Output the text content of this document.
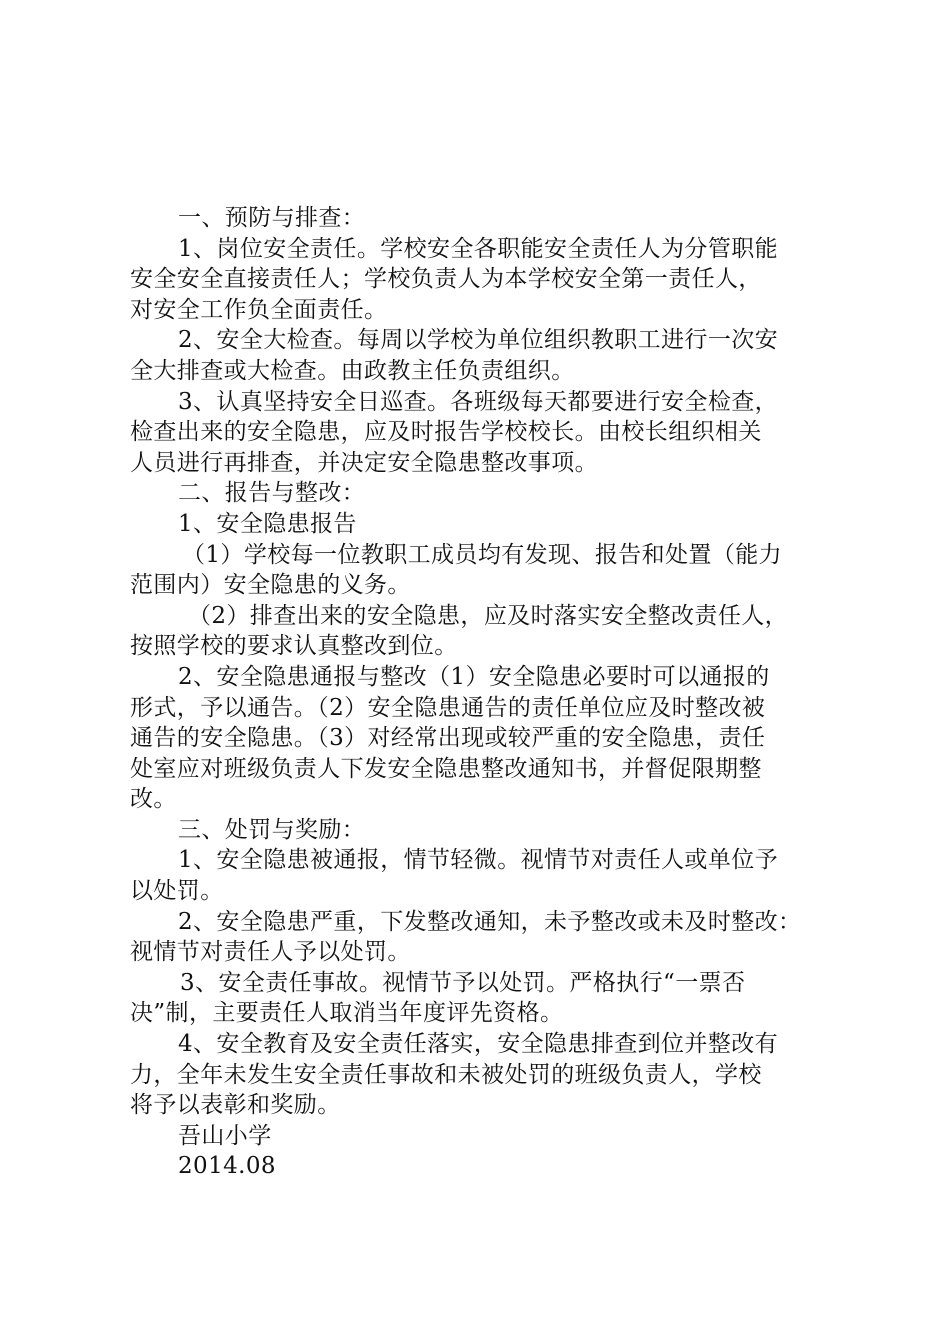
一、预防与排查：
1、岗位安全责任。学校安全各职能安全责任人为分管职能
安全安全直接责任人；学校负责人为本学校安全第一责任人，
对安全工作负全面责任。
2、安全大检查。每周以学校为单位组织教职工进行一次安
全大排查或大检查。由政教主任负责组织。
3、认真坚持安全日巡查。各班级每天都要进行安全检查，
检查出来的安全隐患，应及时报告学校校长。由校长组织相关
人员进行再排查，并决定安全隐患整改事项。
二、报告与整改：
1、安全隐患报告
（1）学校每一位教职工成员均有发现、报告和处置（能力
范围内）安全隐患的义务。
（2）排查出来的安全隐患，应及时落实安全整改责任人，
按照学校的要求认真整改到位。
2、安全隐患通报与整改（1）安全隐患必要时可以通报的
形式，予以通告。（2）安全隐患通告的责任单位应及时整改被
通告的安全隐患。（3）对经常出现或较严重的安全隐患，责任
处室应对班级负责人下发安全隐患整改通知书，并督促限期整
改。
三、处罚与奖励：
1、安全隐患被通报，情节轻微。视情节对责任人或单位予
以处罚。
2、安全隐患严重，下发整改通知，未予整改或未及时整改：
视情节对责任人予以处罚。
3、安全责任事故。视情节予以处罚。严格执行“一票否
决”制，主要责任人取消当年度评先资格。
4、安全教育及安全责任落实，安全隐患排查到位并整改有
力，全年未发生安全责任事故和未被处罚的班级负责人，学校
将予以表彰和奖励。
吾山小学
2014.08
